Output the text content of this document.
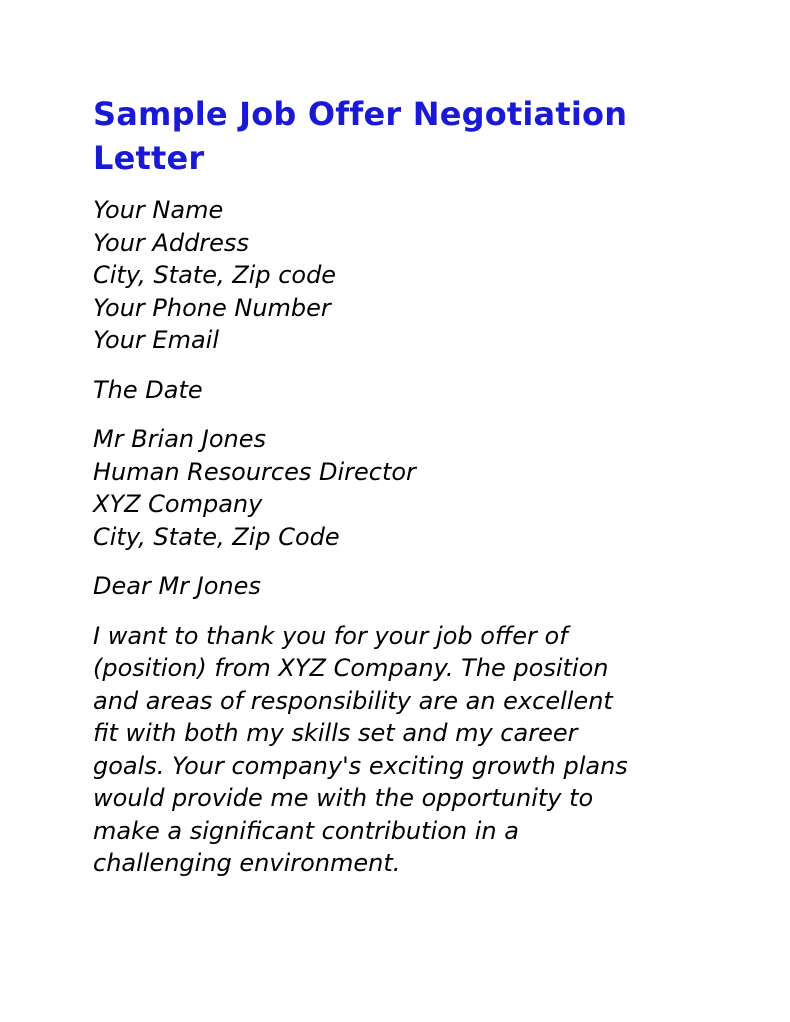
Sample Job Offer Negotiation
Letter
Your Name
Your Address
City, State, Zip code
Your Phone Number
Your Email
The Date
Mr Brian Jones
Human Resources Director
XYZ Company
City, State, Zip Code
Dear Mr Jones
I want to thank you for your job offer of
(position) from XYZ Company. The position
and areas of responsibility are an excellent
fit with both my skills set and my career
goals. Your company's exciting growth plans
would provide me with the opportunity to
make a significant contribution in a
challenging environment.
